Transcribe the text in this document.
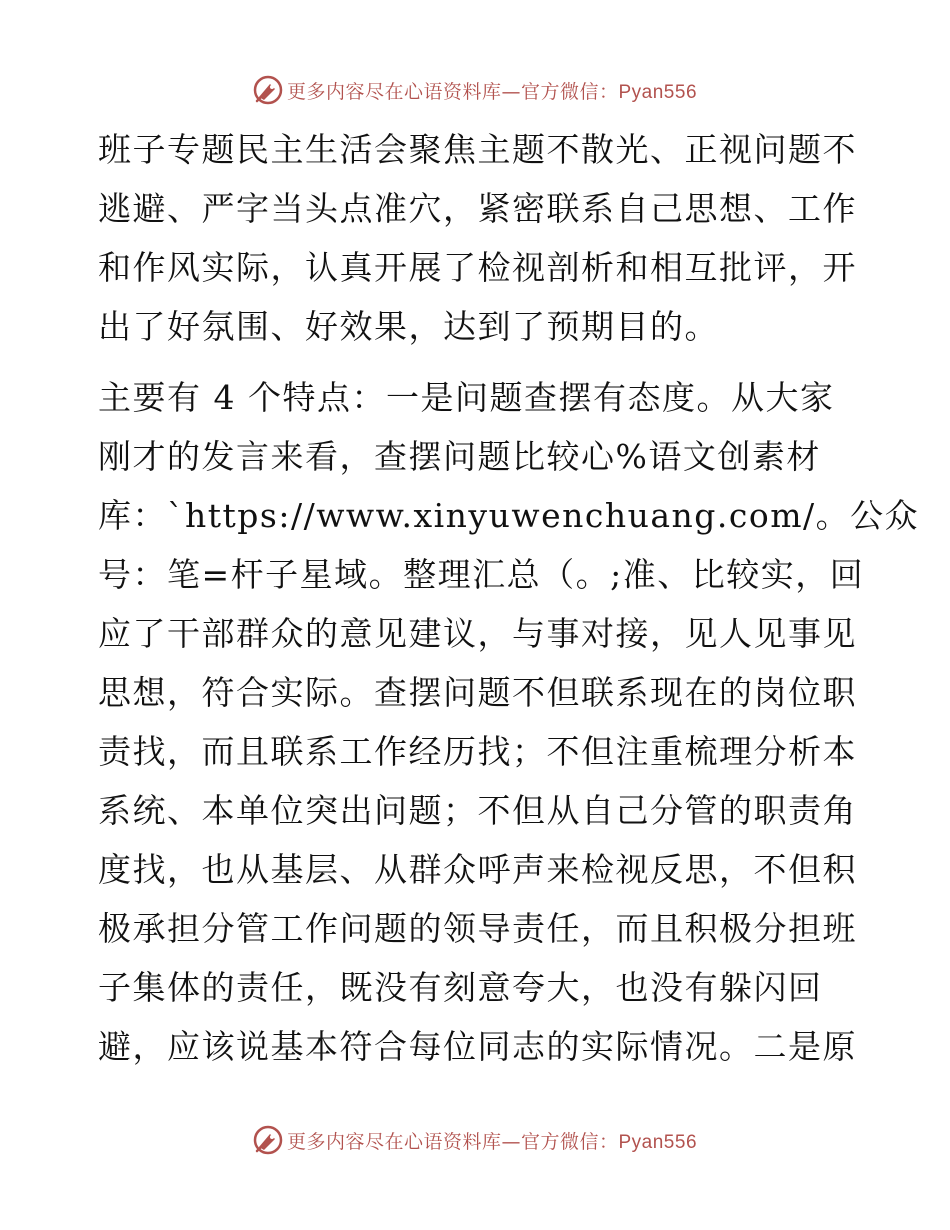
更多内容尽在心语资料库—官方微信：Pyan556
班子专题民主生活会聚焦主题不散光、正视问题不
逃避、严字当头点准穴，紧密联系自己思想、工作
和作风实际，认真开展了检视剖析和相互批评，开
出了好氛围、好效果，达到了预期目的。
主要有 4 个特点：一是问题查摆有态度。从大家
刚才的发言来看，查摆问题比较心%语文创素材
库：`https://www.xinyuwenchuang.com/。公众
号：笔=杆子星域。整理汇总（。;准、比较实，回
应了干部群众的意见建议，与事对接，见人见事见
思想，符合实际。查摆问题不但联系现在的岗位职
责找，而且联系工作经历找；不但注重梳理分析本
系统、本单位突出问题；不但从自己分管的职责角
度找，也从基层、从群众呼声来检视反思，不但积
极承担分管工作问题的领导责任，而且积极分担班
子集体的责任，既没有刻意夸大，也没有躲闪回
避，应该说基本符合每位同志的实际情况。二是原
更多内容尽在心语资料库—官方微信：Pyan556
